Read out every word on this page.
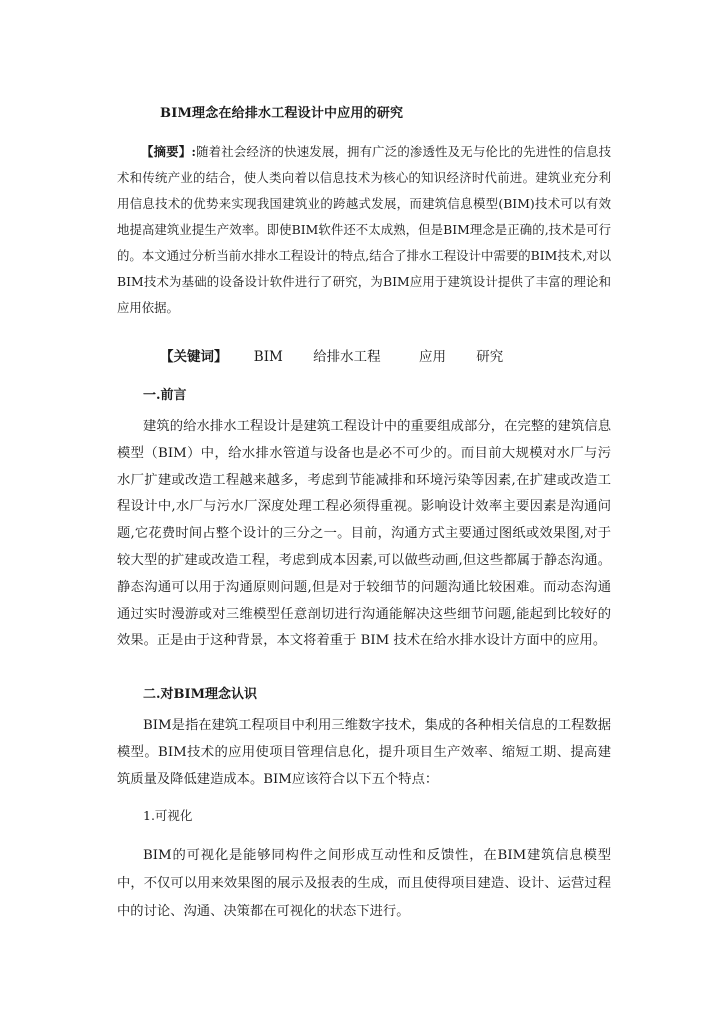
BIM理念在给排水工程设计中应用的研究

【摘要】:随着社会经济的快速发展，拥有广泛的渗透性及无与伦比的先进性的信息技术和传统产业的结合，使人类向着以信息技术为核心的知识经济时代前进。建筑业充分利用信息技术的优势来实现我国建筑业的跨越式发展，而建筑信息模型(BIM)技术可以有效地提高建筑业提生产效率。即使BIM软件还不太成熟，但是BIM理念是正确的,技术是可行的。本文通过分析当前水排水工程设计的特点,结合了排水工程设计中需要的BIM技术,对以BIM技术为基础的设备设计软件进行了研究，为BIM应用于建筑设计提供了丰富的理论和应用依据。

【关键词】 BIM 给排水工程	应用 研究
一.前言

建筑的给水排水工程设计是建筑工程设计中的重要组成部分，在完整的建筑信息模型（BIM）中，给水排水管道与设备也是必不可少的。而目前大规模对水厂与污水厂扩建或改造工程越来越多，考虑到节能减排和环境污染等因素,在扩建或改造工程设计中,水厂与污水厂深度处理工程必须得重视。影响设计效率主要因素是沟通问题,它花费时间占整个设计的三分之一。目前，沟通方式主要通过图纸或效果图,对于较大型的扩建或改造工程，考虑到成本因素,可以做些动画,但这些都属于静态沟通。静态沟通可以用于沟通原则问题,但是对于较细节的问题沟通比较困难。而动态沟通通过实时漫游或对三维模型任意剖切进行沟通能解决这些细节问题,能起到比较好的效果。正是由于这种背景，本文将着重于 BIM 技术在给水排水设计方面中的应用。

二.对BIM理念认识

BIM是指在建筑工程项目中利用三维数字技术，集成的各种相关信息的工程数据模型。BIM技术的应用使项目管理信息化，提升项目生产效率、缩短工期、提高建筑质量及降低建造成本。BIM应该符合以下五个特点：

1.可视化

BIM的可视化是能够同构件之间形成互动性和反馈性，在BIM建筑信息模型中，不仅可以用来效果图的展示及报表的生成，而且使得项目建造、设计、运营过程中的讨论、沟通、决策都在可视化的状态下进行。
